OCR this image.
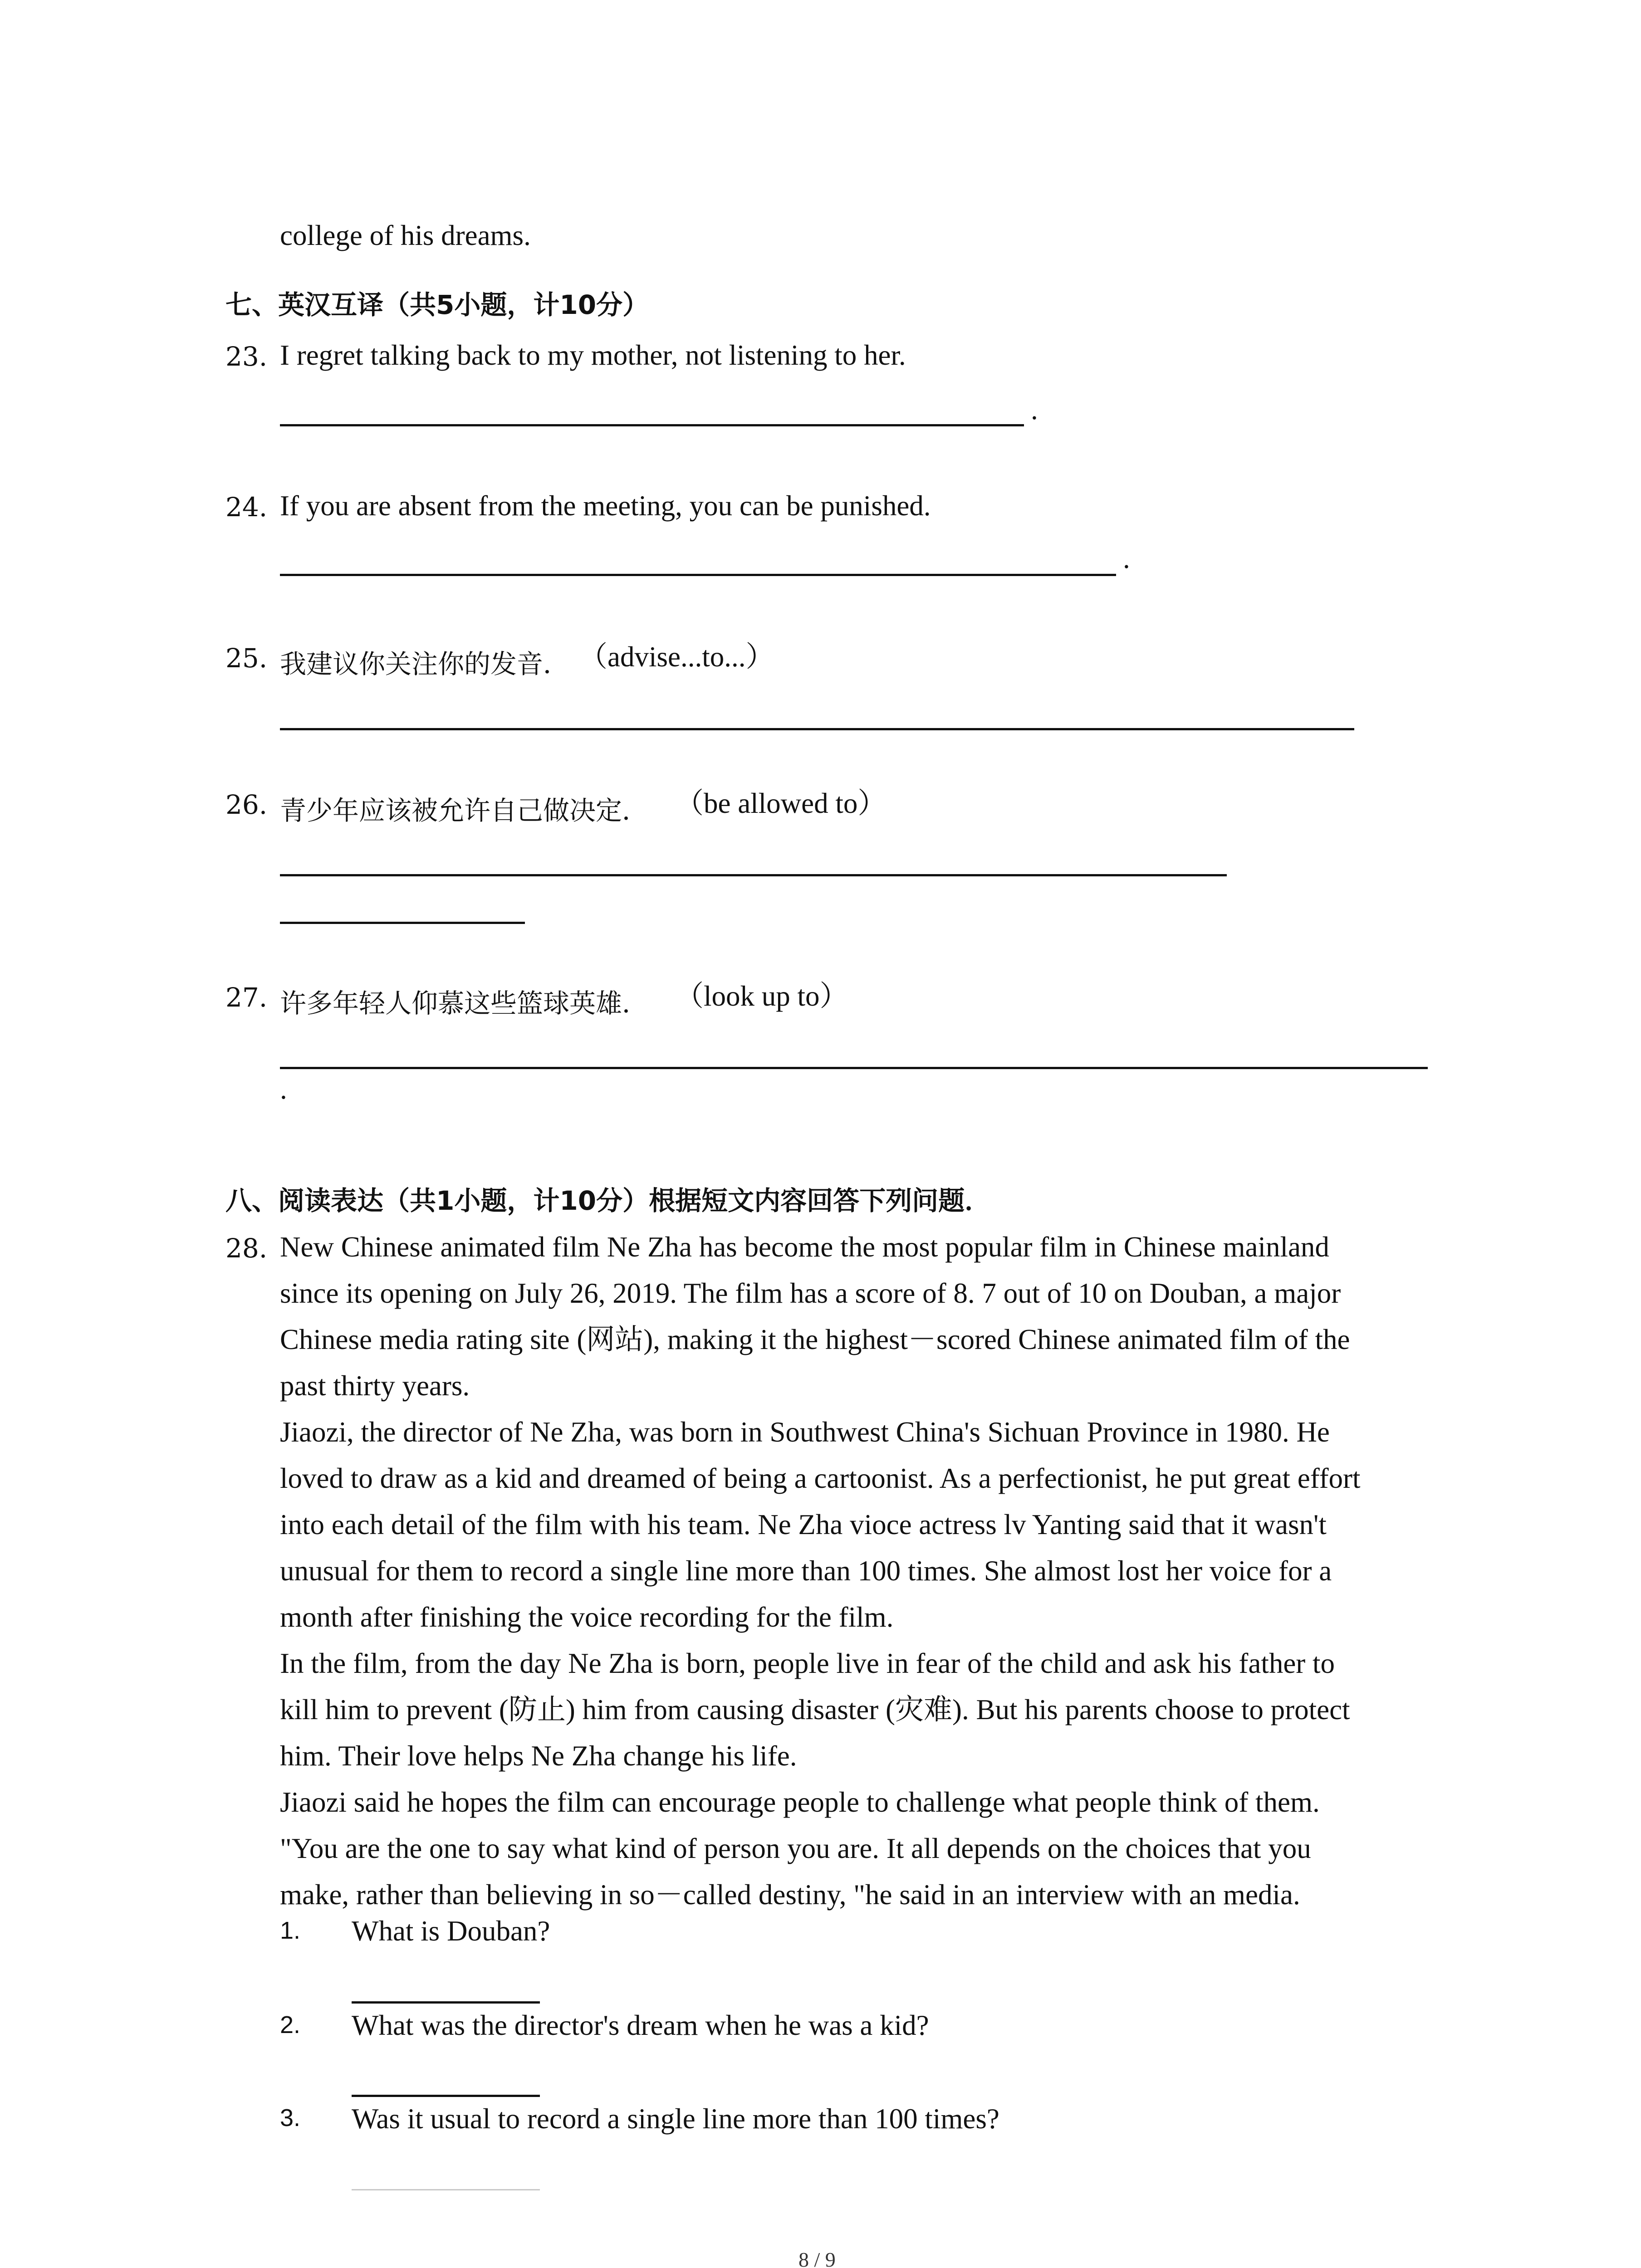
college of his dreams.
七、英汉互译（共5小题，计10分）
23. I regret talking back to my mother, not listening to her.
.
24. If you are absent from the meeting, you can be punished.
.
25. 我建议你关注你的发音． （advise...to...）
26. 青少年应该被允许自己做决定． （be allowed to）
27. 许多年轻人仰慕这些篮球英雄． （look up to）
.
八、阅读表达（共1小题，计10分）根据短文内容回答下列问题．
28. New Chinese animated film Ne Zha has become the most popular film in Chinese mainland
since its opening on July 26, 2019. The film has a score of 8. 7 out of 10 on Douban, a major
Chinese media rating site (网站), making it the highest－scored Chinese animated film of the
past thirty years.
Jiaozi, the director of Ne Zha, was born in Southwest China's Sichuan Province in 1980. He
loved to draw as a kid and dreamed of being a cartoonist. As a perfectionist, he put great effort
into each detail of the film with his team. Ne Zha vioce actress lv Yanting said that it wasn't
unusual for them to record a single line more than 100 times. She almost lost her voice for a
month after finishing the voice recording for the film.
In the film, from the day Ne Zha is born, people live in fear of the child and ask his father to
kill him to prevent (防止) him from causing disaster (灾难). But his parents choose to protect
him. Their love helps Ne Zha change his life.
Jiaozi said he hopes the film can encourage people to challenge what people think of them.
"You are the one to say what kind of person you are. It all depends on the choices that you
make, rather than believing in so－called destiny, "he said in an interview with an media.
1. What is Douban?
2. What was the director's dream when he was a kid?
3. Was it usual to record a single line more than 100 times?
8 / 9
